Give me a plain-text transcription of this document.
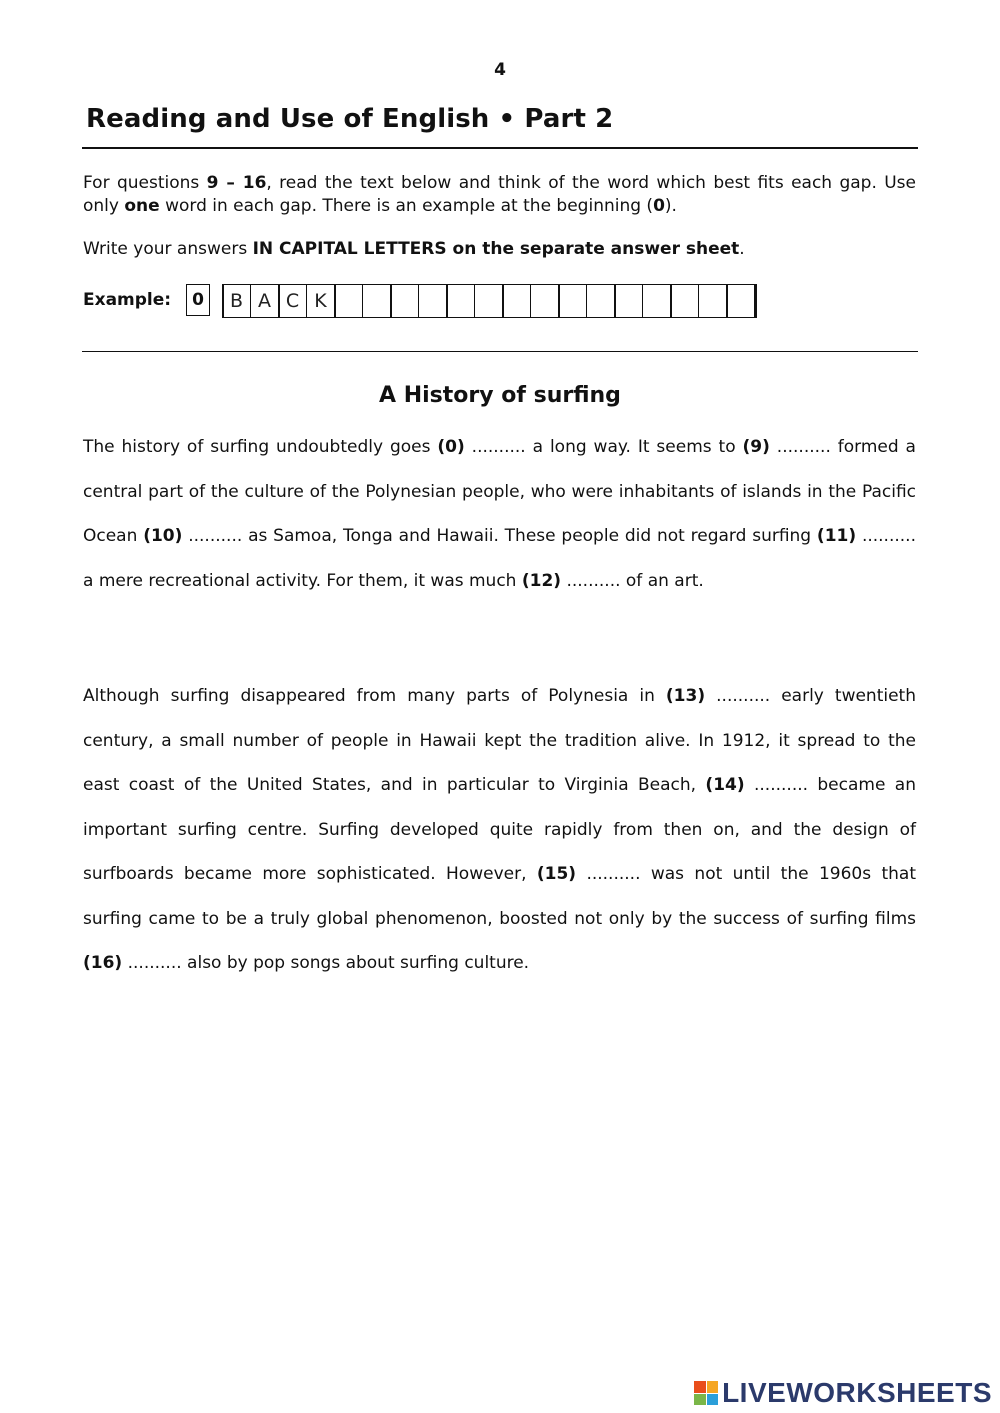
4
Reading and Use of English • Part 2

For questions 9 – 16, read the text below and think of the word which best fits each gap. Use only one word in each gap. There is an example at the beginning (0).

Write your answers IN CAPITAL LETTERS on the separate answer sheet.
Example:	0	B A C K
A History of surfing

The history of surfing undoubtedly goes (0) .......... a long way. It seems to (9) .......... formed a central part of the culture of the Polynesian people, who were inhabitants of islands in the Pacific Ocean (10) .......... as Samoa, Tonga and Hawaii. These people did not regard surfing (11) .......... a mere recreational activity. For them, it was much (12) .......... of an art.

Although surfing disappeared from many parts of Polynesia in (13) .......... early twentieth century, a small number of people in Hawaii kept the tradition alive. In 1912, it spread to the east coast of the United States, and in particular to Virginia Beach, (14) .......... became an important surfing centre. Surfing developed quite rapidly from then on, and the design of surfboards became more sophisticated. However, (15) .......... was not until the 1960s that surfing came to be a truly global phenomenon, boosted not only by the success of surfing films (16) .......... also by pop songs about surfing culture.

LIVEWORKSHEETS
